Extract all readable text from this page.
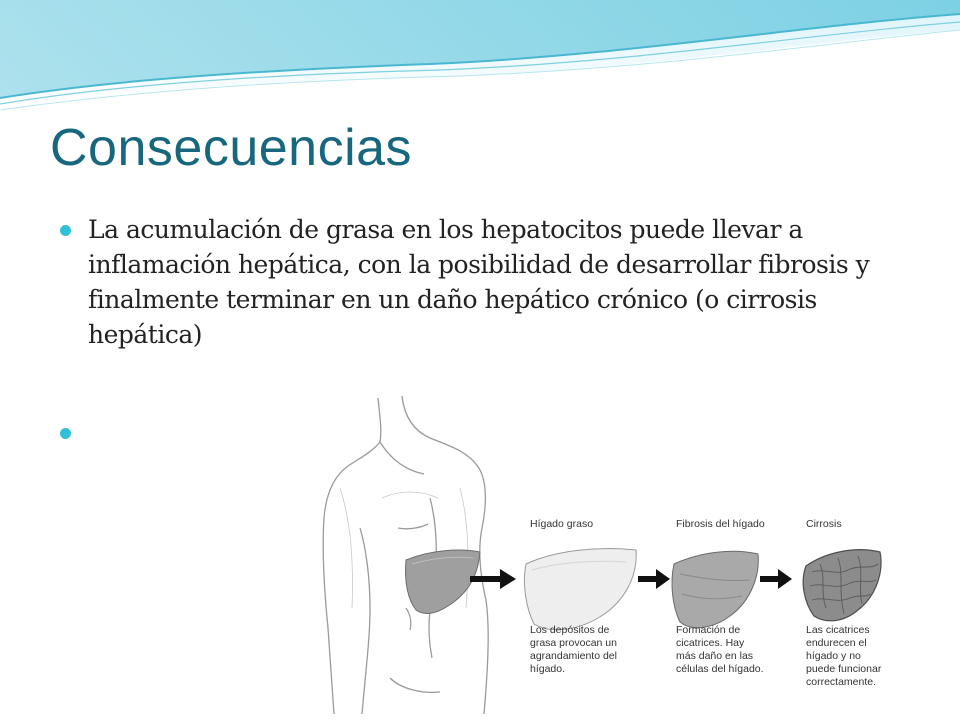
Consecuencias
La acumulación de grasa en los hepatocitos puede llevar a inflamación hepática, con la posibilidad de desarrollar fibrosis y finalmente terminar en un daño hepático crónico (o cirrosis hepática)
Hígado graso	Fibrosis del hígado	Cirrosis
Los depósitos de
grasa provocan un
agrandamiento del
hígado.
Formación de
cicatrices. Hay
más daño en las
células del hígado.
Las cicatrices
endurecen el
hígado y no
puede funcionar
correctamente.
